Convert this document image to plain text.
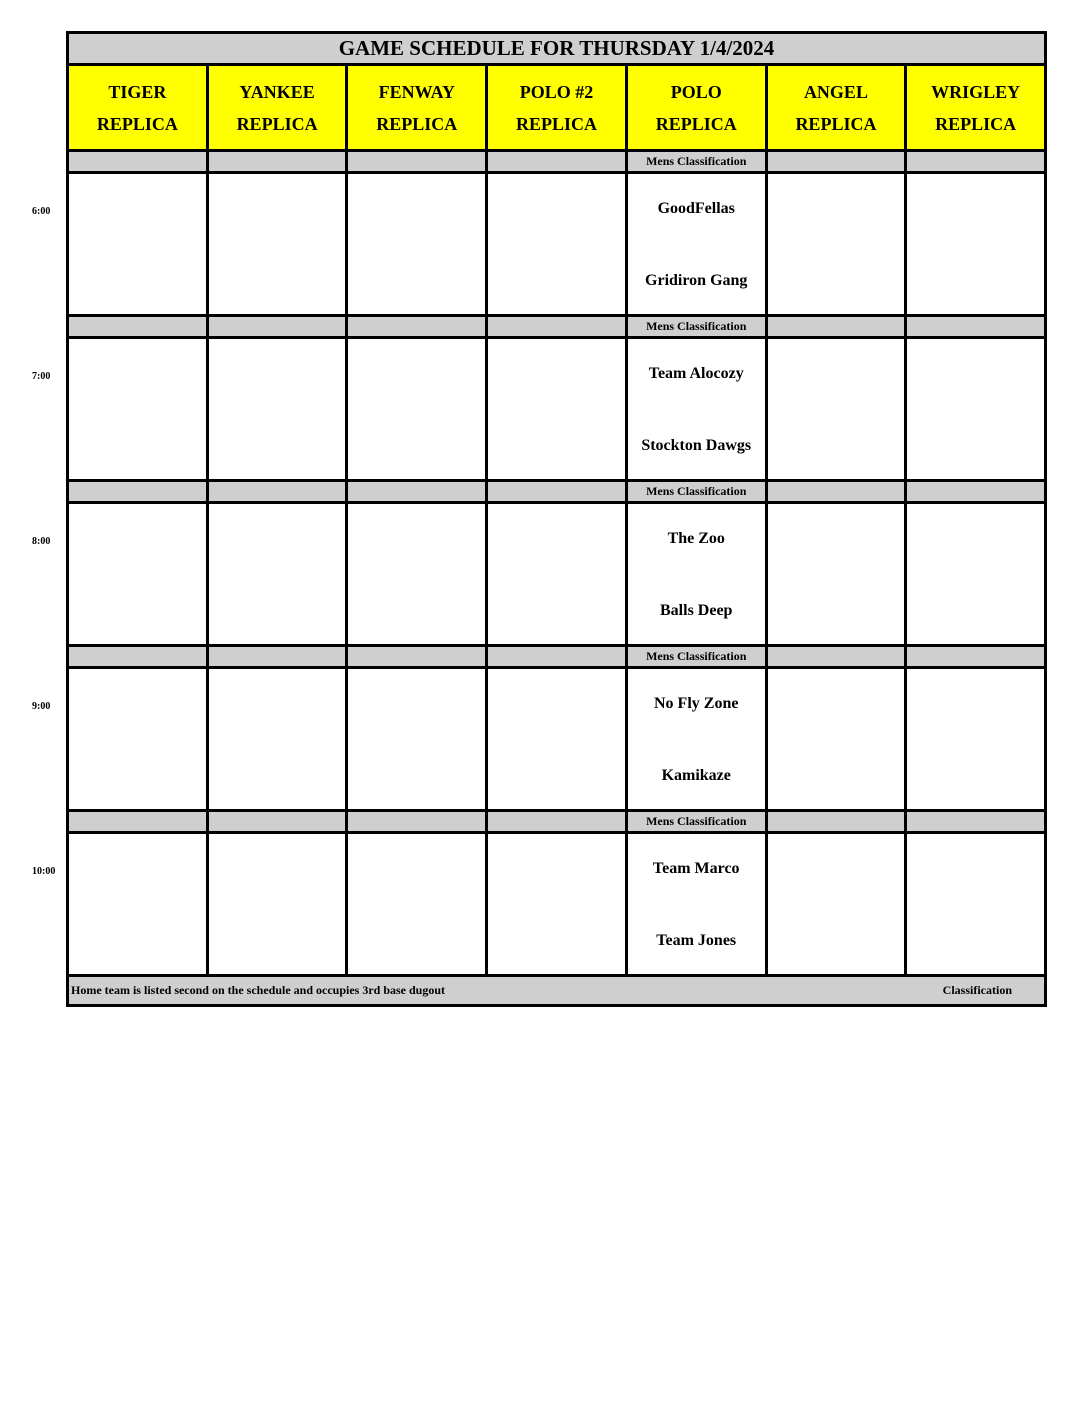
GAME SCHEDULE FOR THURSDAY 1/4/2024
TIGER
REPLICA
YANKEE
REPLICA
FENWAY
REPLICA
POLO #2
REPLICA
POLO
REPLICA
ANGEL
REPLICA
WRIGLEY
REPLICA
6:00
Mens Classification
GoodFellas
Gridiron Gang
7:00
Mens Classification
Team Alocozy
Stockton Dawgs
8:00
Mens Classification
The Zoo
Balls Deep
9:00
Mens Classification
No Fly Zone
Kamikaze
10:00
Mens Classification
Team Marco
Team Jones
Home team is listed second on the schedule and occupies 3rd base dugout	Classification
